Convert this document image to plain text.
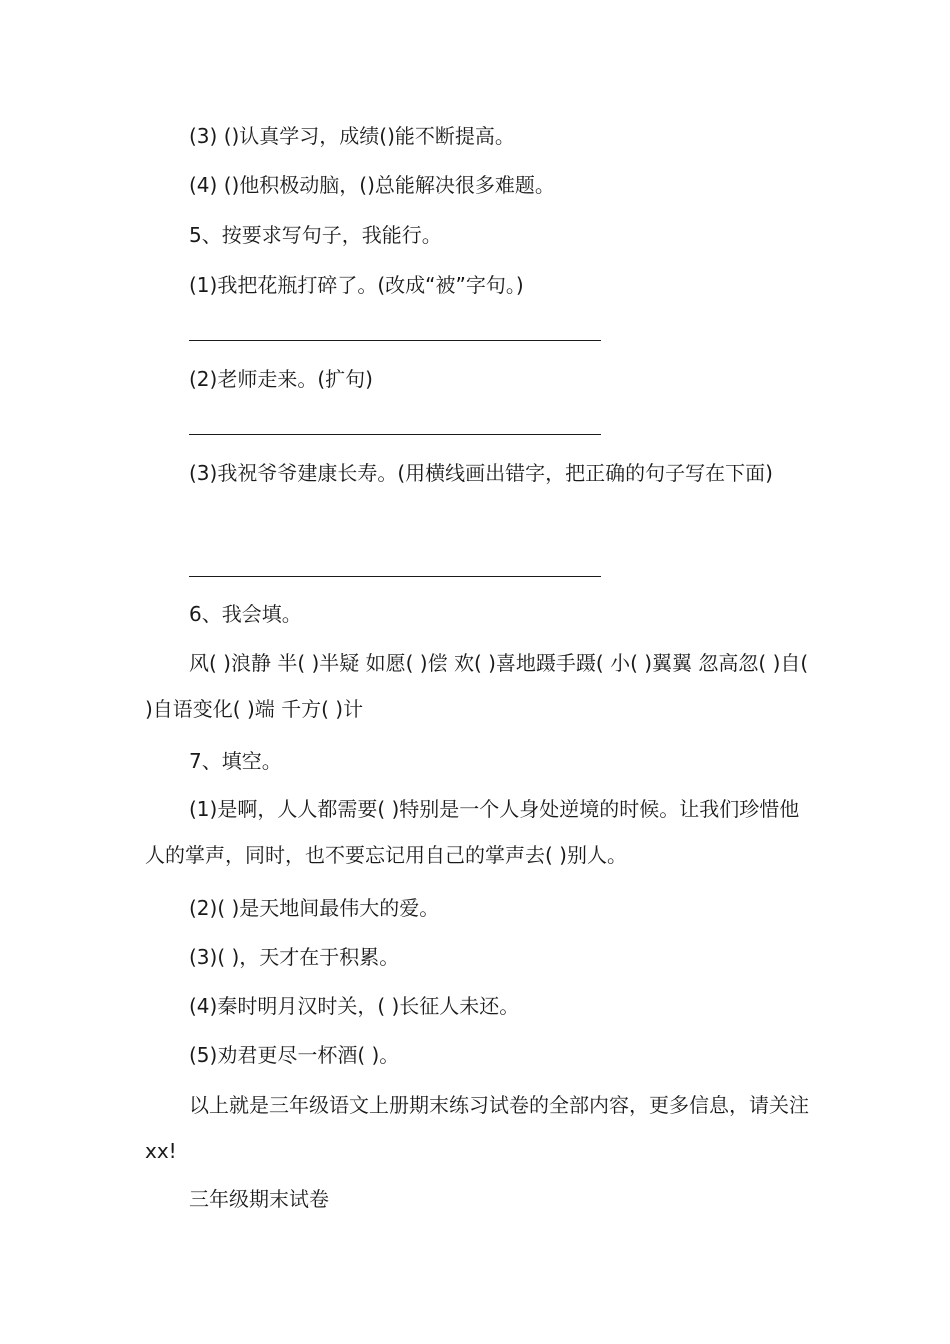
(3) ()认真学习，成绩()能不断提高。

(4) ()他积极动脑，()总能解决很多难题。

5、按要求写句子，我能行。

(1)我把花瓶打碎了。(改成“被”字句。)

(2)老师走来。(扩句)

(3)我祝爷爷建康长寿。(用横线画出错字，把正确的句子写在下面)

6、我会填。

风( )浪静 半( )半疑 如愿( )偿 欢( )喜地蹑手蹑( 小( )翼翼 忽高忽( )自( )自语变化( )端 千方( )计

7、填空。

(1)是啊，人人都需要( )特别是一个人身处逆境的时候。让我们珍惜他人的掌声，同时，也不要忘记用自己的掌声去( )别人。

(2)( )是天地间最伟大的爱。

(3)( )，天才在于积累。

(4)秦时明月汉时关，( )长征人未还。

(5)劝君更尽一杯酒( )。

以上就是三年级语文上册期末练习试卷的全部内容，更多信息，请关注 xx!

三年级期末试卷
